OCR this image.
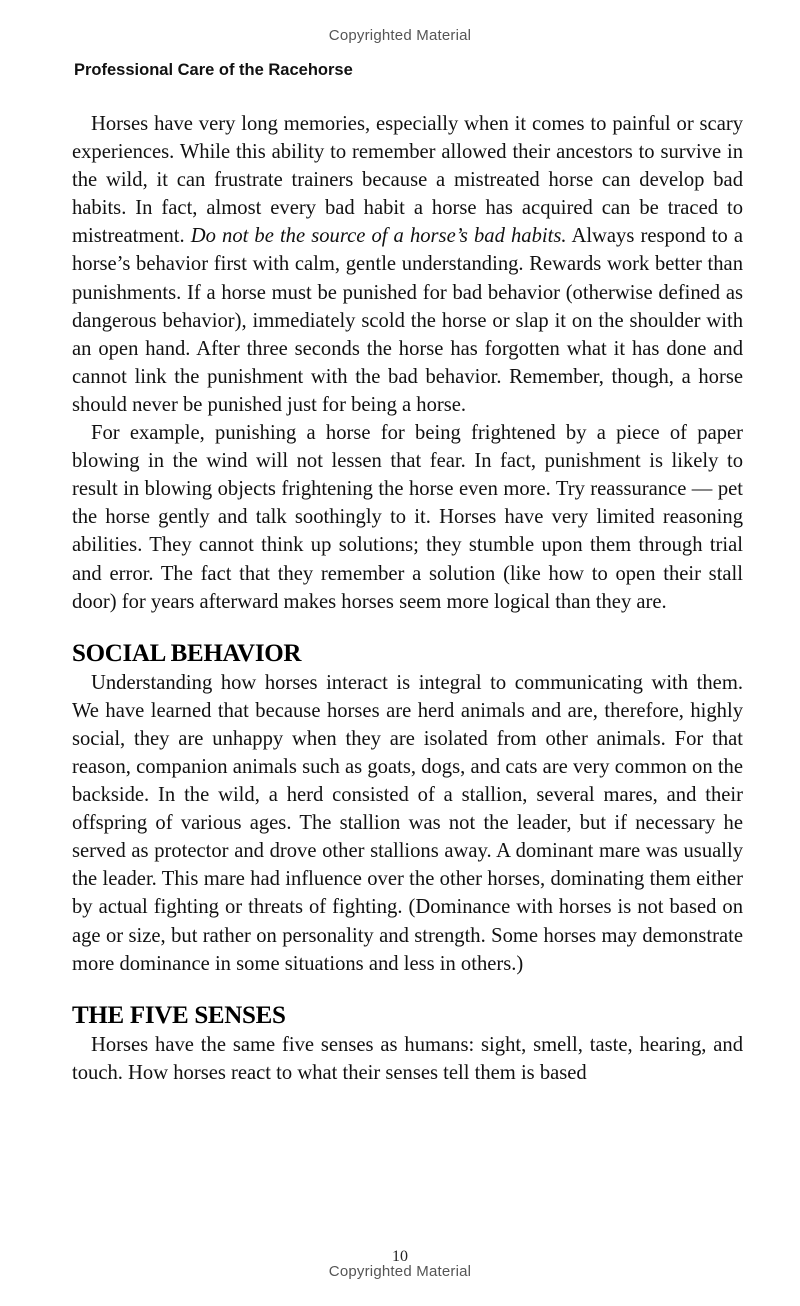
Copyrighted Material
Professional Care of the Racehorse

Horses have very long memories, especially when it comes to painful or scary experiences. While this ability to remember allowed their ancestors to survive in the wild, it can frustrate trainers because a mistreated horse can develop bad habits. In fact, almost every bad habit a horse has acquired can be traced to mistreatment. Do not be the source of a horse’s bad habits. Always respond to a horse’s behavior first with calm, gentle understanding. Rewards work better than punishments. If a horse must be punished for bad behavior (otherwise defined as dangerous behavior), immediately scold the horse or slap it on the shoulder with an open hand. After three seconds the horse has forgotten what it has done and cannot link the punishment with the bad behavior. Remember, though, a horse should never be punished just for being a horse.

For example, punishing a horse for being frightened by a piece of paper blowing in the wind will not lessen that fear. In fact, punishment is likely to result in blowing objects frightening the horse even more. Try reassurance — pet the horse gently and talk soothingly to it. Horses have very limited reasoning abilities. They cannot think up solutions; they stumble upon them through trial and error. The fact that they remember a solution (like how to open their stall door) for years afterward makes horses seem more logical than they are.

SOCIAL BEHAVIOR

Understanding how horses interact is integral to communicating with them. We have learned that because horses are herd animals and are, therefore, highly social, they are unhappy when they are isolated from other animals. For that reason, companion animals such as goats, dogs, and cats are very common on the backside. In the wild, a herd consisted of a stallion, several mares, and their offspring of various ages. The stallion was not the leader, but if necessary he served as protector and drove other stallions away. A dominant mare was usually the leader. This mare had influence over the other horses, dominating them either by actual fighting or threats of fighting. (Dominance with horses is not based on age or size, but rather on personality and strength. Some horses may demonstrate more dominance in some situations and less in others.)

THE FIVE SENSES

Horses have the same five senses as humans: sight, smell, taste, hearing, and touch. How horses react to what their senses tell them is based

10
Copyrighted Material
